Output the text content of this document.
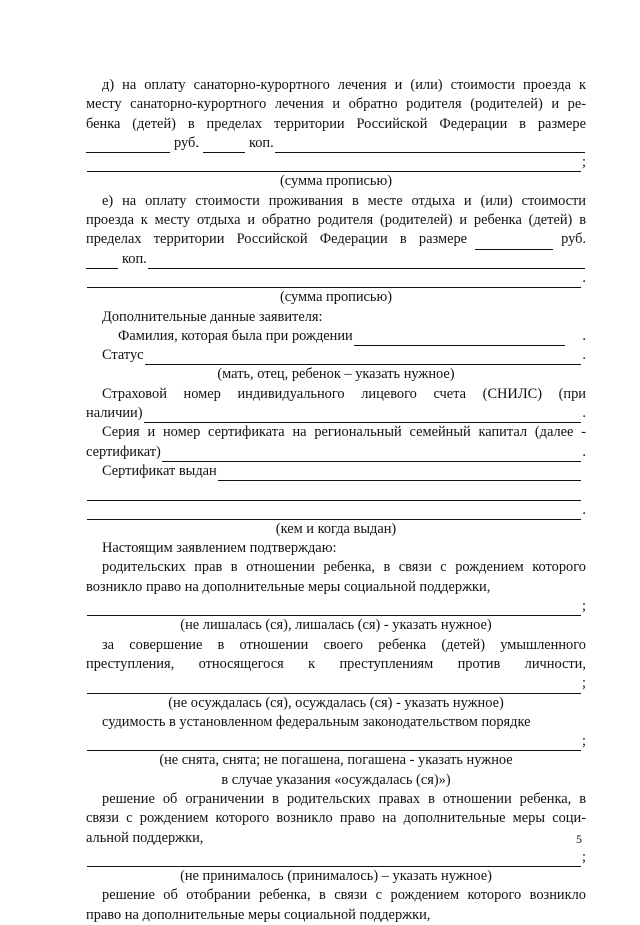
д) на оплату санаторно-курортного лечения и (или) стоимости проезда к

месту санаторно-курортного лечения и обратно родителя (родителей) и ре-

бенка (детей) в пределах территории Российской Федерации в размере

руб.	коп.
;

(сумма прописью)

е) на оплату стоимости проживания в месте отдыха и (или) стоимости

проезда к месту отдыха и обратно родителя (родителей) и ребенка (детей) в

пределах территории Российской Федерации в размере	руб.
коп.
.

(сумма прописью)

Дополнительные данные заявителя:

Фамилия, которая была при рождении	.
Статус	.

(мать, отец, ребенок – указать нужное)

Страховой номер индивидуального лицевого счета (СНИЛС) (при

наличии)	.

Серия и номер сертификата на региональный семейный капитал (далее -

сертификат)	.
Сертификат выдан
.

(кем и когда выдан)

Настоящим заявлением подтверждаю:

родительских прав в отношении ребенка, в связи с рождением которого

возникло право на дополнительные меры социальной поддержки,

;

(не лишалась (ся), лишалась (ся) - указать нужное)

за совершение в отношении своего ребенка (детей) умышленного

преступления, относящегося к преступлениям против личности,

;

(не осуждалась (ся), осуждалась (ся) - указать нужное)

судимость в установленном федеральным законодательством порядке

;

(не снята, снята; не погашена, погашена - указать нужное

в случае указания «осуждалась (ся)»)

решение об ограничении в родительских правах в отношении ребенка, в

связи с рождением которого возникло право на дополнительные меры соци-

альной поддержки,

;

(не принималось (принималось) – указать нужное)

решение об отобрании ребенка, в связи с рождением которого возникло

право на дополнительные меры социальной поддержки,

5
